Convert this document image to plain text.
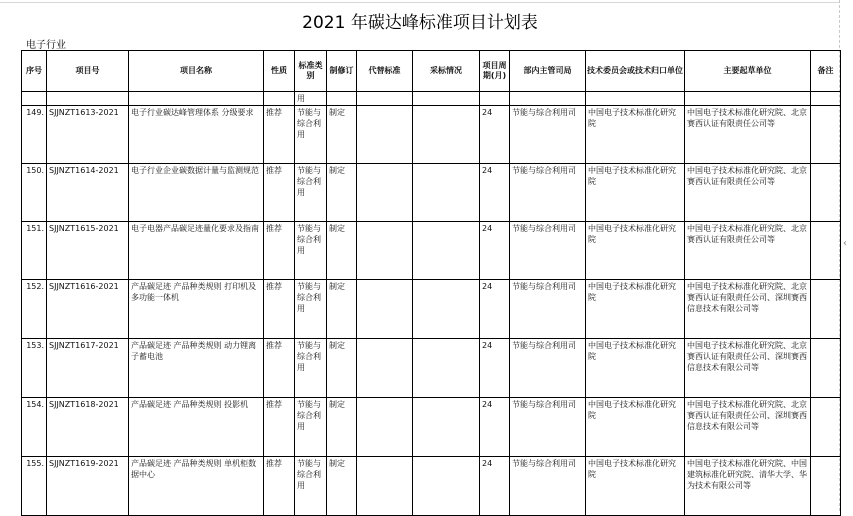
‹
2021 年碳达峰标准项目计划表
电子行业
序号	项目号	项目名称	性质	标准类别	制修订	代替标准	采标情况	项目周期(月)	部内主管司局	技术委员会或技术归口单位	主要起草单位	备注
				用								
149.	SJJNZT1613-2021	电子行业碳达峰管理体系 分级要求	推荐	节能与综合利用	制定			24	节能与综合利用司	中国电子技术标准化研究院	中国电子技术标准化研究院、北京赛西认证有限责任公司等	
150.	SJJNZT1614-2021	电子行业企业碳数据计量与监测规范	推荐	节能与综合利用	制定			24	节能与综合利用司	中国电子技术标准化研究院	中国电子技术标准化研究院、北京赛西认证有限责任公司等	
151.	SJJNZT1615-2021	电子电器产品碳足迹量化要求及指南	推荐	节能与综合利用	制定			24	节能与综合利用司	中国电子技术标准化研究院	中国电子技术标准化研究院、北京赛西认证有限责任公司等	
152.	SJJNZT1616-2021	产品碳足迹 产品种类规则 打印机及多功能一体机	推荐	节能与综合利用	制定			24	节能与综合利用司	中国电子技术标准化研究院	中国电子技术标准化研究院、北京赛西认证有限责任公司、深圳赛西信息技术有限公司等	
153.	SJJNZT1617-2021	产品碳足迹 产品种类规则 动力锂离子蓄电池	推荐	节能与综合利用	制定			24	节能与综合利用司	中国电子技术标准化研究院	中国电子技术标准化研究院、北京赛西认证有限责任公司、深圳赛西信息技术有限公司等	
154.	SJJNZT1618-2021	产品碳足迹 产品种类规则 投影机	推荐	节能与综合利用	制定			24	节能与综合利用司	中国电子技术标准化研究院	中国电子技术标准化研究院、北京赛西认证有限责任公司、深圳赛西信息技术有限公司等	
155.	SJJNZT1619-2021	产品碳足迹 产品种类规则 单机柜数据中心	推荐	节能与综合利用	制定			24	节能与综合利用司	中国电子技术标准化研究院	中国电子技术标准化研究院、中国建筑标准化研究院、清华大学、华为技术有限公司等	
